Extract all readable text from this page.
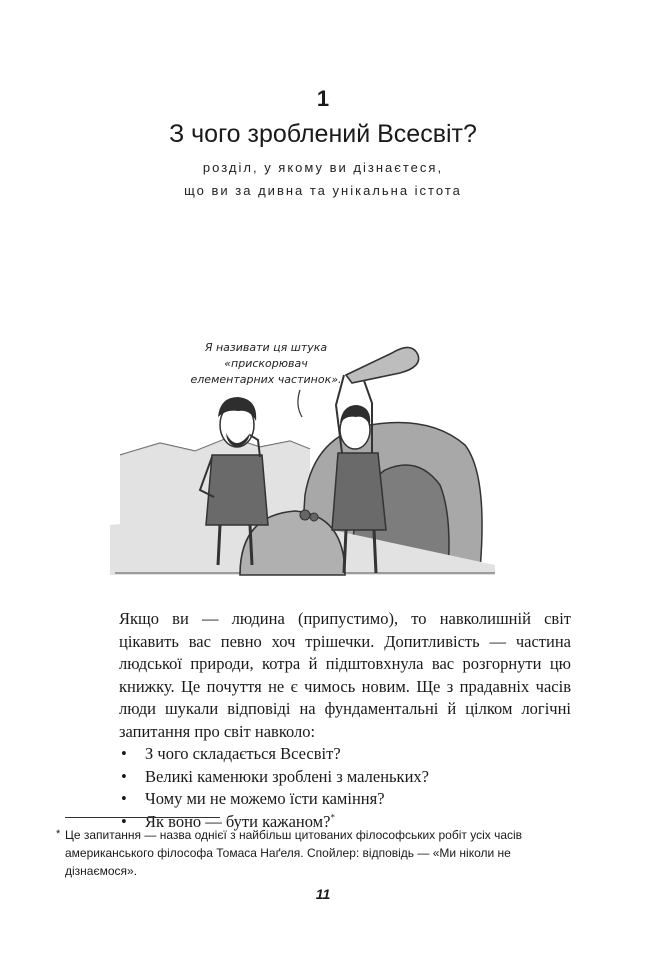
1
З чого зроблений Всесвіт?
розділ, у якому ви дізнаєтеся,
що ви за дивна та унікальна істота
Я називати ця штука
«прискорювач елементарних частинок».

Якщо ви — людина (припустимо), то навколишній світ цікавить вас певно хоч трішечки. Допитливість — частина людської природи, котра й підштовхнула вас розгорнути цю книжку. Це почуття не є чимось новим. Ще з прадавніх часів люди шукали відповіді на фундаментальні й цілком логічні запитання про світ навколо:

• З чого складається Всесвіт?
• Великі каменюки зроблені з маленьких?
• Чому ми не можемо їсти каміння?
• Як воно — бути кажаном?*
* Це запитання — назва однієї з найбільш цитованих філософських робіт усіх часів американського філософа Томаса Наґеля. Спойлер: відповідь — «Ми ніколи не дізнаємося».
11
